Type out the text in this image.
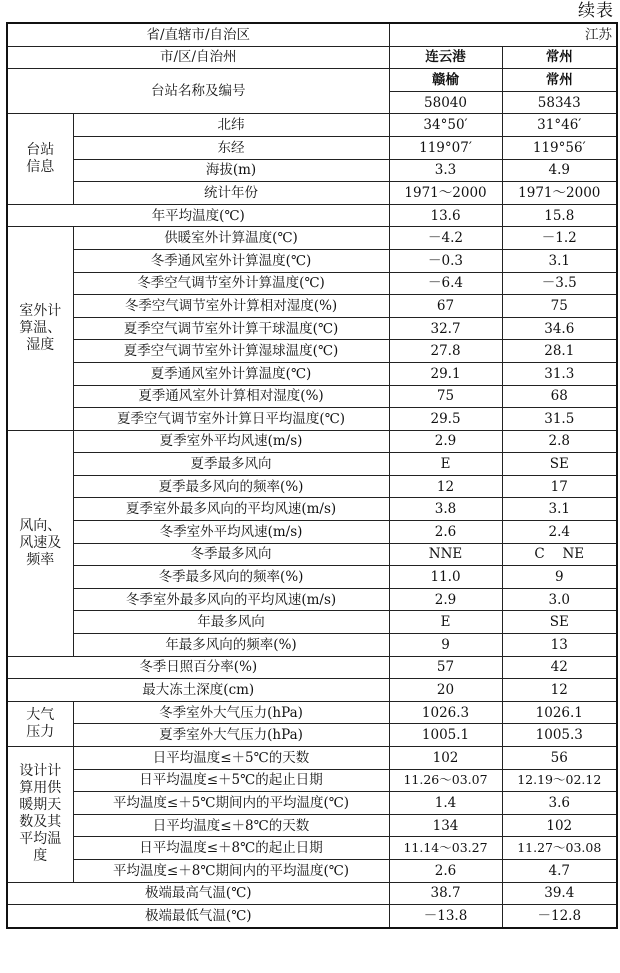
续表
省/直辖市/自治区		江苏	
市/区/自治州		连云港	常州
台站名称及编号		赣榆	常州
		58040	58343
台站信息	北纬	34°50′	31°46′
	东经	119°07′	119°56′
	海拔(m)	3.3	4.9
	统计年份	1971～2000	1971～2000
年平均温度(℃)		13.6	15.8
室外计算温、湿度	供暖室外计算温度(℃)	－4.2	－1.2
	冬季通风室外计算温度(℃)	－0.3	3.1
	冬季空气调节室外计算温度(℃)	－6.4	－3.5
	冬季空气调节室外计算相对湿度(%)	67	75
	夏季空气调节室外计算干球温度(℃)	32.7	34.6
	夏季空气调节室外计算湿球温度(℃)	27.8	28.1
	夏季通风室外计算温度(℃)	29.1	31.3
	夏季通风室外计算相对湿度(%)	75	68
	夏季空气调节室外计算日平均温度(℃)	29.5	31.5
风向、风速及频率	夏季室外平均风速(m/s)	2.9	2.8
	夏季最多风向	E	SE
	夏季最多风向的频率(%)	12	17
	夏季室外最多风向的平均风速(m/s)	3.8	3.1
	冬季室外平均风速(m/s)	2.6	2.4
	冬季最多风向	NNE	C　 NE
	冬季最多风向的频率(%)	11.0	9
	冬季室外最多风向的平均风速(m/s)	2.9	3.0
	年最多风向	E	SE
	年最多风向的频率(%)	9	13
冬季日照百分率(%)		57	42
最大冻土深度(cm)		20	12
大气压力	冬季室外大气压力(hPa)	1026.3	1026.1
	夏季室外大气压力(hPa)	1005.1	1005.3
设计计算用供暖期天数及其平均温度	日平均温度≤＋5℃的天数	102	56
	日平均温度≤＋5℃的起止日期	11.26～03.07	12.19～02.12
	平均温度≤＋5℃期间内的平均温度(℃)	1.4	3.6
	日平均温度≤＋8℃的天数	134	102
	日平均温度≤＋8℃的起止日期	11.14～03.27	11.27～03.08
	平均温度≤＋8℃期间内的平均温度(℃)	2.6	4.7
极端最高气温(℃)		38.7	39.4
极端最低气温(℃)		－13.8	－12.8
